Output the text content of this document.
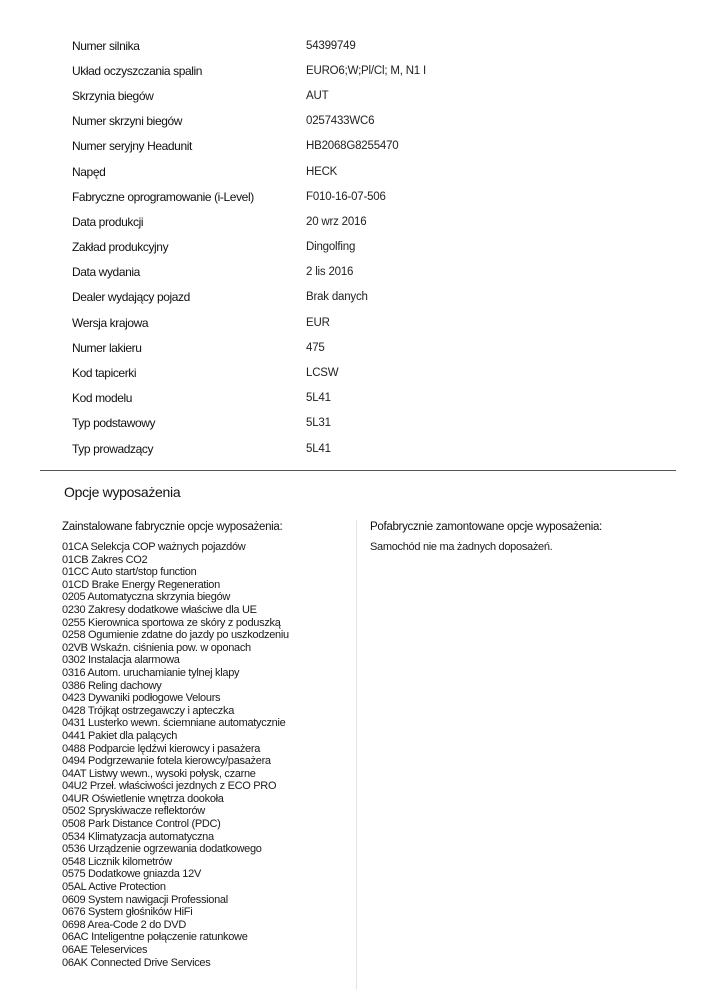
Numer silnika	54399749
Układ oczyszczania spalin	EURO6;W;Pl/Cl; M, N1 I
Skrzynia biegów	AUT
Numer skrzyni biegów	0257433WC6
Numer seryjny Headunit	HB2068G8255470
Napęd	HECK
Fabryczne oprogramowanie (i-Level)	F010-16-07-506
Data produkcji	20 wrz 2016
Zakład produkcyjny	Dingolfing
Data wydania	2 lis 2016
Dealer wydający pojazd	Brak danych
Wersja krajowa	EUR
Numer lakieru	475
Kod tapicerki	LCSW
Kod modelu	5L41
Typ podstawowy	5L31
Typ prowadzący	5L41
Opcje wyposażenia
Zainstalowane fabrycznie opcje wyposażenia:
01CA Selekcja COP ważnych pojazdów
01CB Zakres CO2
01CC Auto start/stop function
01CD Brake Energy Regeneration
0205 Automatyczna skrzynia biegów
0230 Zakresy dodatkowe właściwe dla UE
0255 Kierownica sportowa ze skóry z poduszką
0258 Ogumienie zdatne do jazdy po uszkodzeniu
02VB Wskaźn. ciśnienia pow. w oponach
0302 Instalacja alarmowa
0316 Autom. uruchamianie tylnej klapy
0386 Reling dachowy
0423 Dywaniki podłogowe Velours
0428 Trójkąt ostrzegawczy i apteczka
0431 Lusterko wewn. ściemniane automatycznie
0441 Pakiet dla palących
0488 Podparcie lędźwi kierowcy i pasażera
0494 Podgrzewanie fotela kierowcy/pasażera
04AT Listwy wewn., wysoki połysk, czarne
04U2 Przeł. właściwości jezdnych z ECO PRO
04UR Oświetlenie wnętrza dookoła
0502 Spryskiwacze reflektorów
0508 Park Distance Control (PDC)
0534 Klimatyzacja automatyczna
0536 Urządzenie ogrzewania dodatkowego
0548 Licznik kilometrów
0575 Dodatkowe gniazda 12V
05AL Active Protection
0609 System nawigacji Professional
0676 System głośników HiFi
0698 Area-Code 2 do DVD
06AC Inteligentne połączenie ratunkowe
06AE Teleservices
06AK Connected Drive Services
Pofabrycznie zamontowane opcje wyposażenia:
Samochód nie ma żadnych doposażeń.
